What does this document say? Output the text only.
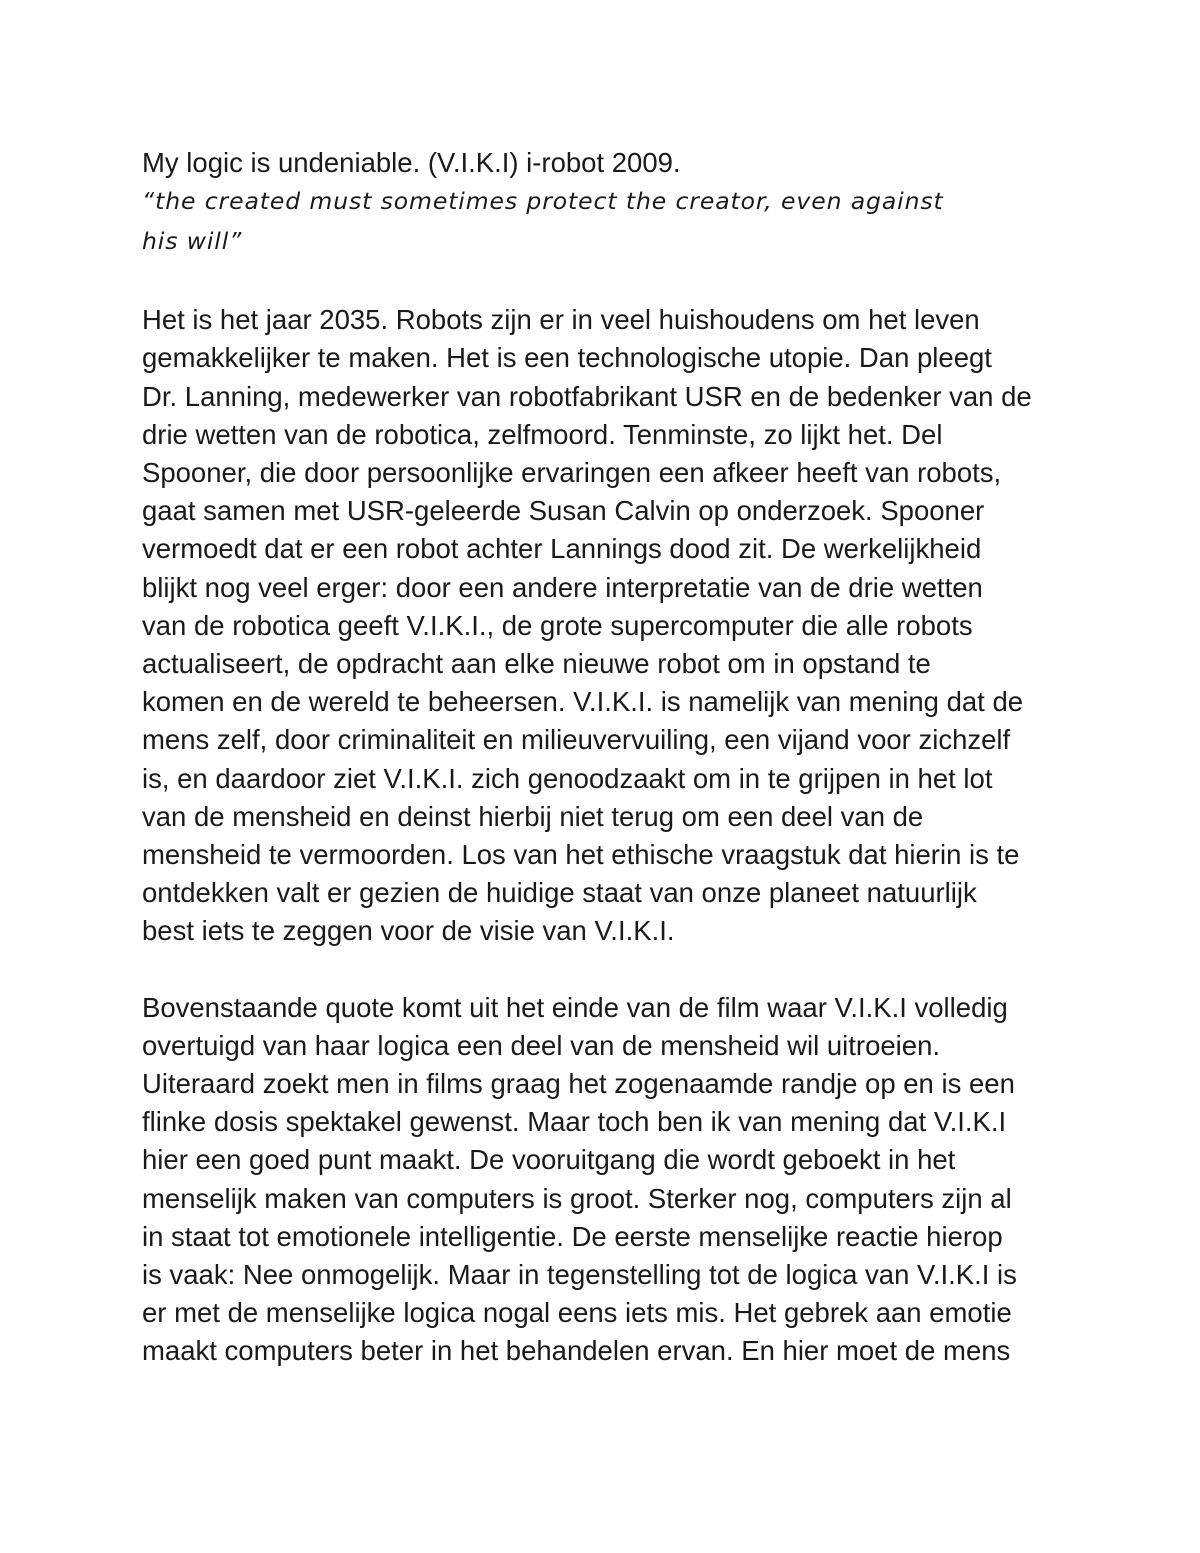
My logic is undeniable. (V.I.K.I) i-robot 2009.

“the created must sometimes protect the creator, even against
his will”

Het is het jaar 2035. Robots zijn er in veel huishoudens om het leven
gemakkelijker te maken. Het is een technologische utopie. Dan pleegt
Dr. Lanning, medewerker van robotfabrikant USR en de bedenker van de
drie wetten van de robotica, zelfmoord. Tenminste, zo lijkt het. Del
Spooner, die door persoonlijke ervaringen een afkeer heeft van robots,
gaat samen met USR-geleerde Susan Calvin op onderzoek. Spooner
vermoedt dat er een robot achter Lannings dood zit. De werkelijkheid
blijkt nog veel erger: door een andere interpretatie van de drie wetten
van de robotica geeft V.I.K.I., de grote supercomputer die alle robots
actualiseert, de opdracht aan elke nieuwe robot om in opstand te
komen en de wereld te beheersen. V.I.K.I. is namelijk van mening dat de
mens zelf, door criminaliteit en milieuvervuiling, een vijand voor zichzelf
is, en daardoor ziet V.I.K.I. zich genoodzaakt om in te grijpen in het lot
van de mensheid en deinst hierbij niet terug om een deel van de
mensheid te vermoorden. Los van het ethische vraagstuk dat hierin is te
ontdekken valt er gezien de huidige staat van onze planeet natuurlijk
best iets te zeggen voor de visie van V.I.K.I.

Bovenstaande quote komt uit het einde van de film waar V.I.K.I volledig
overtuigd van haar logica een deel van de mensheid wil uitroeien.
Uiteraard zoekt men in films graag het zogenaamde randje op en is een
flinke dosis spektakel gewenst. Maar toch ben ik van mening dat V.I.K.I
hier een goed punt maakt. De vooruitgang die wordt geboekt in het
menselijk maken van computers is groot. Sterker nog, computers zijn al
in staat tot emotionele intelligentie. De eerste menselijke reactie hierop
is vaak: Nee onmogelijk. Maar in tegenstelling tot de logica van V.I.K.I is
er met de menselijke logica nogal eens iets mis. Het gebrek aan emotie
maakt computers beter in het behandelen ervan. En hier moet de mens
